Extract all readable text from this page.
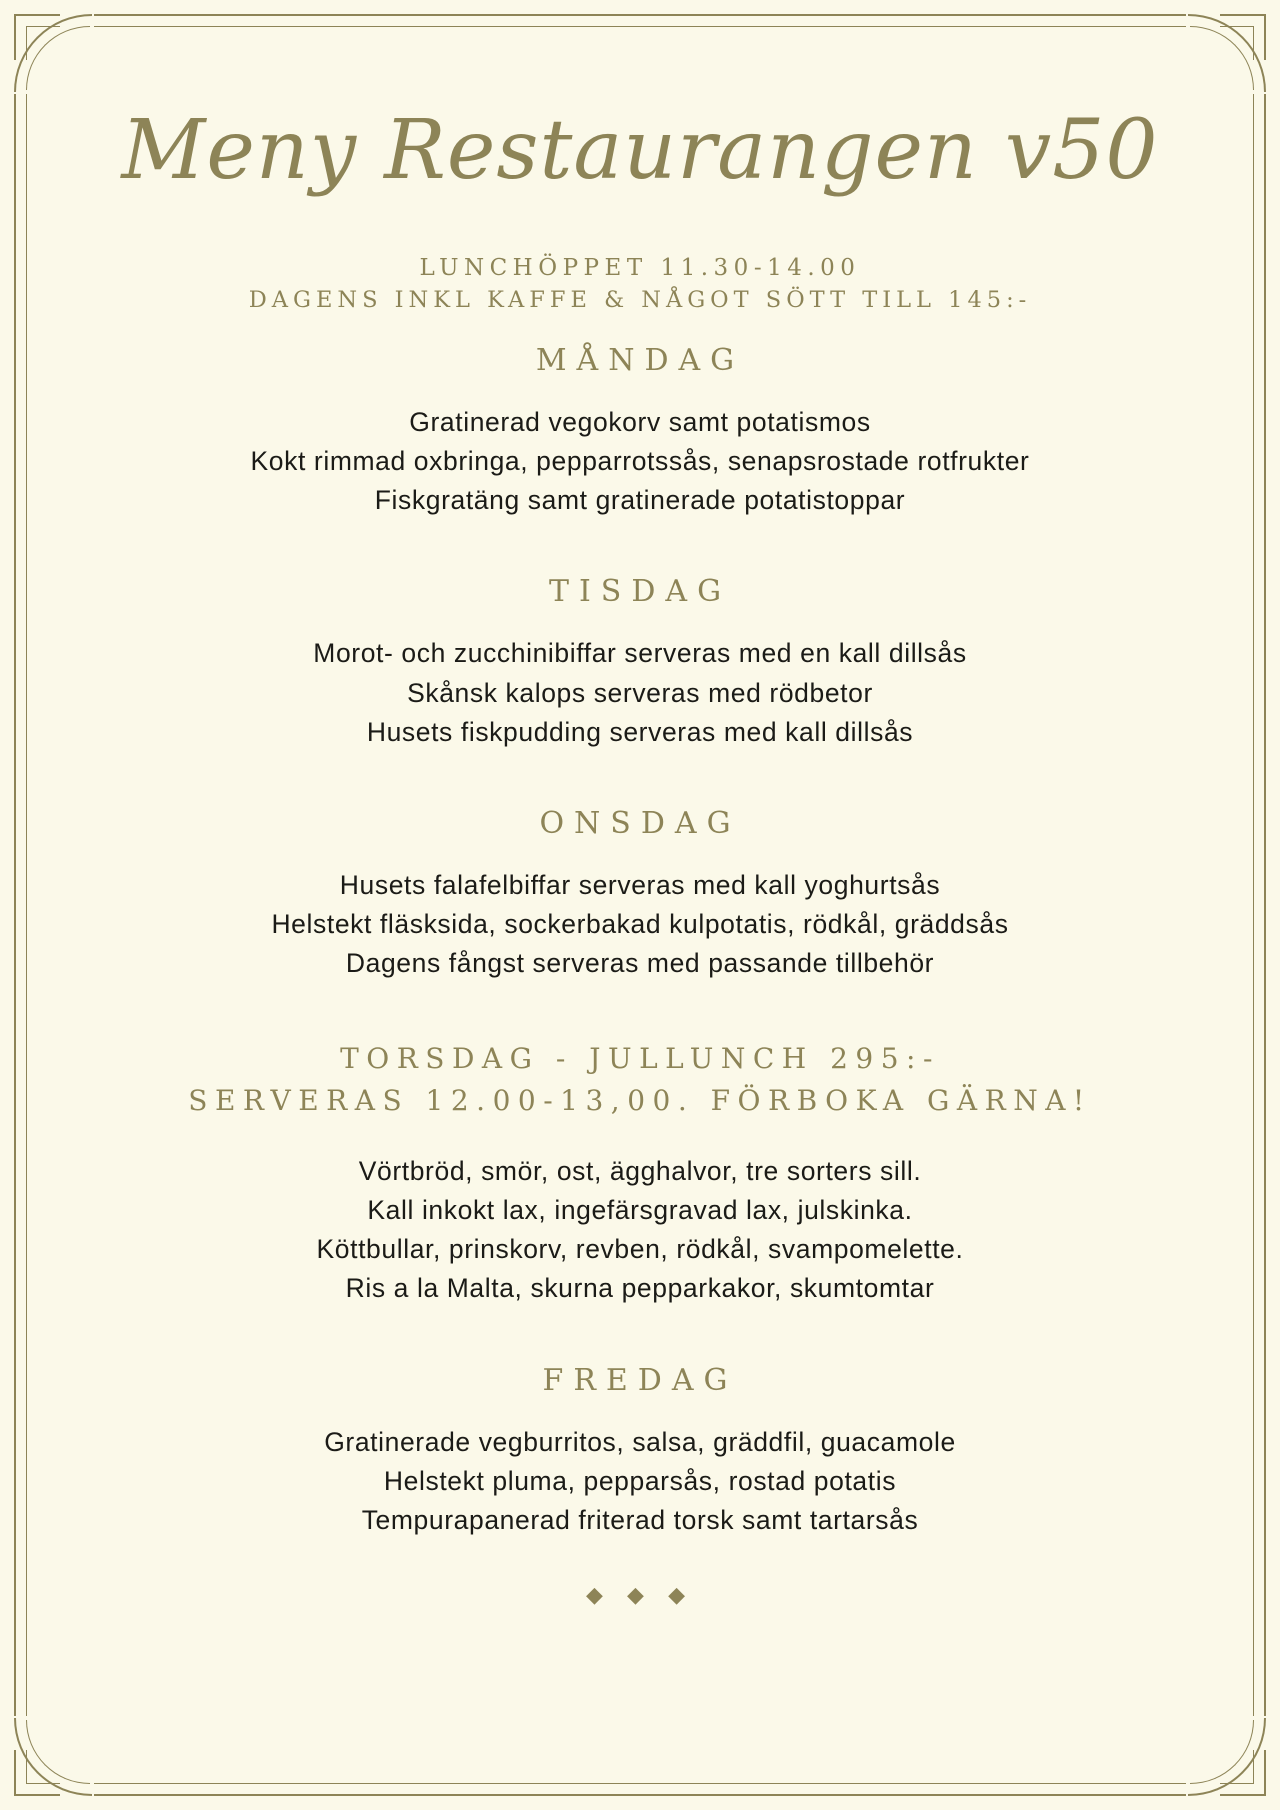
Meny Restaurangen v50
LUNCHÖPPET 11.30-14.00
DAGENS INKL KAFFE & NÅGOT SÖTT TILL 145:-
MÅNDAG
Gratinerad vegokorv samt potatismos
Kokt rimmad oxbringa, pepparrotssås, senapsrostade rotfrukter
Fiskgratäng samt gratinerade potatistoppar
TISDAG
Morot- och zucchinibiffar serveras med en kall dillsås
Skånsk kalops serveras med rödbetor
Husets fiskpudding serveras med kall dillsås
ONSDAG
Husets falafelbiffar serveras med kall yoghurtsås
Helstekt fläsksida, sockerbakad kulpotatis, rödkål, gräddsås
Dagens fångst serveras med passande tillbehör
TORSDAG - JULLUNCH 295:-
SERVERAS 12.00-13,00. FÖRBOKA GÄRNA!
Vörtbröd, smör, ost, ägghalvor, tre sorters sill.
Kall inkokt lax, ingefärsgravad lax, julskinka.
Köttbullar, prinskorv, revben, rödkål, svampomelette.
Ris a la Malta, skurna pepparkakor, skumtomtar
FREDAG
Gratinerade vegburritos, salsa, gräddfil, guacamole
Helstekt pluma, pepparsås, rostad potatis
Tempurapanerad friterad torsk samt tartarsås
◆ ◆ ◆
